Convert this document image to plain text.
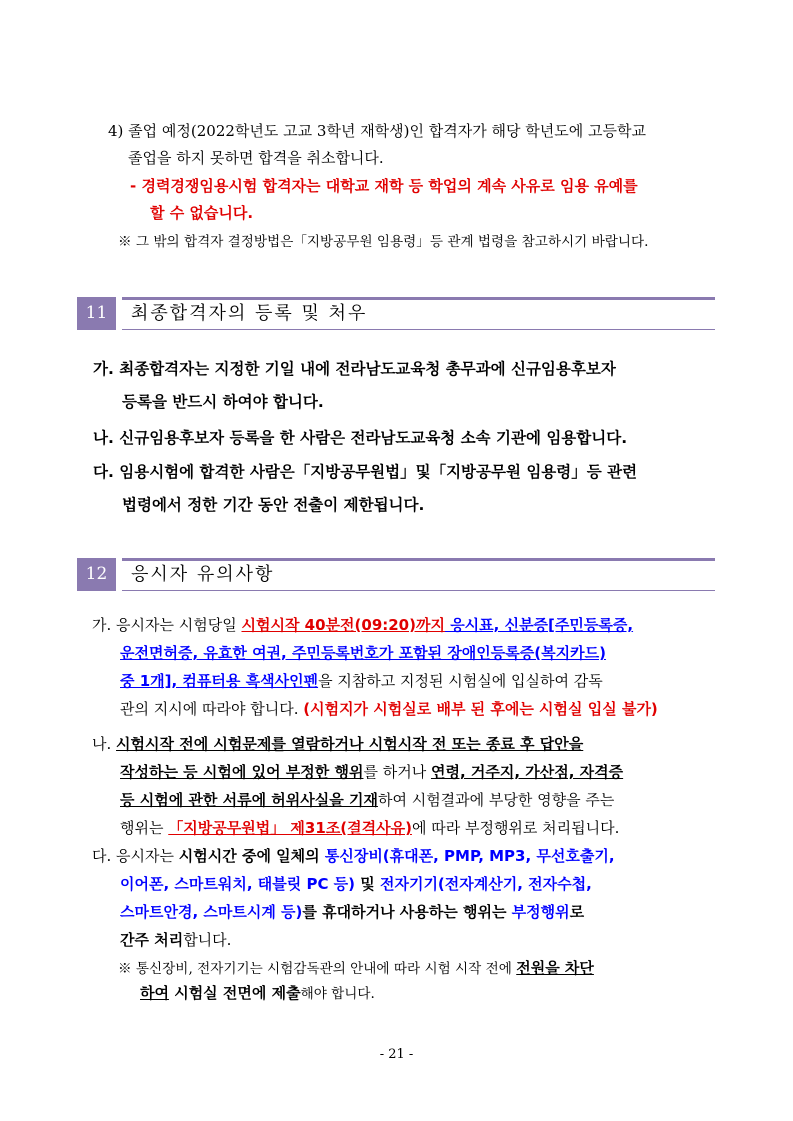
4) 졸업 예정(2022학년도 고교 3학년 재학생)인 합격자가 해당 학년도에 고등학교
졸업을 하지 못하면 합격을 취소합니다.
- 경력경쟁임용시험 합격자는 대학교 재학 등 학업의 계속 사유로 임용 유예를
할 수 없습니다.
※ 그 밖의 합격자 결정방법은「지방공무원 임용령」등 관계 법령을 참고하시기 바랍니다.
11	최종합격자의 등록 및 처우
가. 최종합격자는 지정한 기일 내에 전라남도교육청 총무과에 신규임용후보자
등록을 반드시 하여야 합니다.
나. 신규임용후보자 등록을 한 사람은 전라남도교육청 소속 기관에 임용합니다.
다. 임용시험에 합격한 사람은「지방공무원법」및「지방공무원 임용령」등 관련
법령에서 정한 기간 동안 전출이 제한됩니다.
12	응시자 유의사항
가. 응시자는 시험당일 시험시작 40분전(09:20)까지 응시표, 신분증[주민등록증,
운전면허증, 유효한 여권, 주민등록번호가 포함된 장애인등록증(복지카드)
중 1개], 컴퓨터용 흑색사인펜을 지참하고 지정된 시험실에 입실하여 감독
관의 지시에 따라야 합니다. (시험지가 시험실로 배부 된 후에는 시험실 입실 불가)
나. 시험시작 전에 시험문제를 열람하거나 시험시작 전 또는 종료 후 답안을
작성하는 등 시험에 있어 부정한 행위를 하거나 연령, 거주지, 가산점, 자격증
등 시험에 관한 서류에 허위사실을 기재하여 시험결과에 부당한 영향을 주는
행위는 「지방공무원법」 제31조(결격사유)에 따라 부정행위로 처리됩니다.
다. 응시자는 시험시간 중에 일체의 통신장비(휴대폰, PMP, MP3, 무선호출기,
이어폰, 스마트워치, 태블릿 PC 등) 및 전자기기(전자계산기, 전자수첩,
스마트안경, 스마트시계 등)를 휴대하거나 사용하는 행위는 부정행위로
간주 처리합니다.
※ 통신장비, 전자기기는 시험감독관의 안내에 따라 시험 시작 전에 전원을 차단
하여 시험실 전면에 제출해야 합니다.
- 21 -
